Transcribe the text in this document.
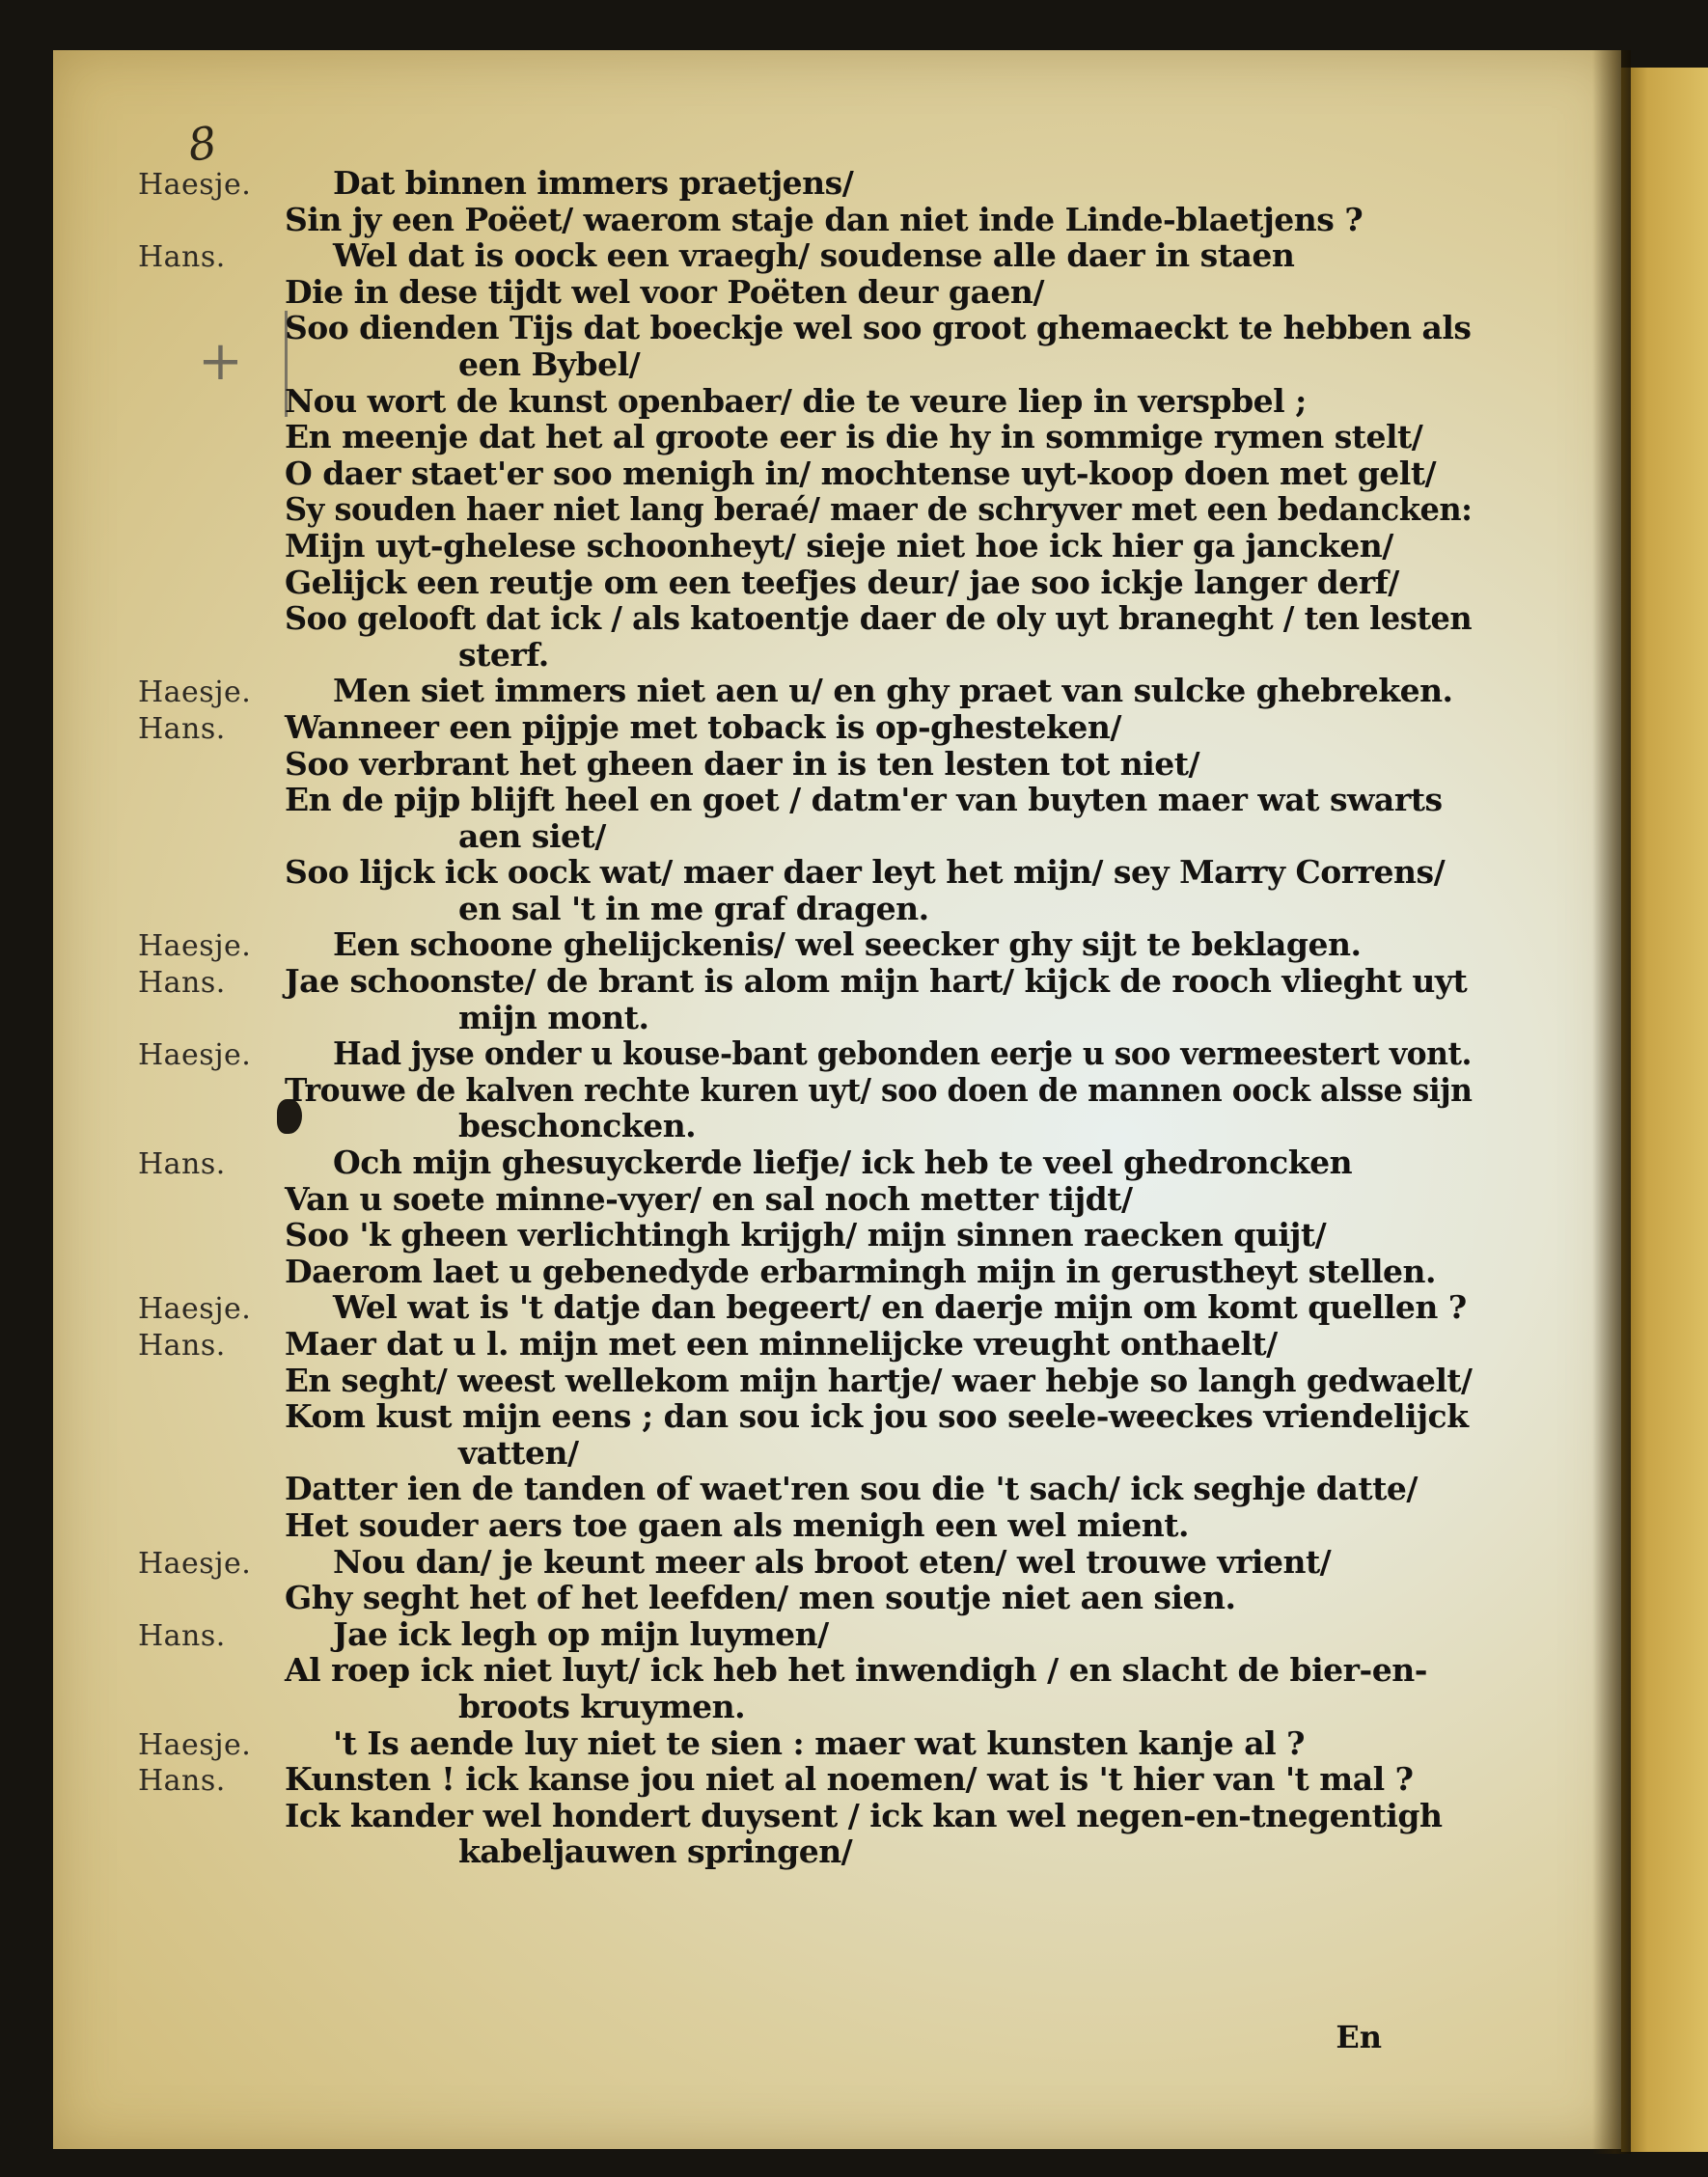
8
+
Haesje.	Dat binnen immers praetjens/
Sin jy een Poëet/ waerom staje dan niet inde Linde-blaetjens ?
Hans.	Wel dat is oock een vraegh/ soudense alle daer in staen
Die in dese tijdt wel voor Poëten deur gaen/
Soo dienden Tijs dat boeckje wel soo groot ghemaeckt te hebben als
een Bybel/
Nou wort de kunst openbaer/ die te veure liep in verspbel ;
En meenje dat het al groote eer is die hy in sommige rymen stelt/
O daer staet'er soo menigh in/ mochtense uyt-koop doen met gelt/
Sy souden haer niet lang beraé/ maer de schryver met een bedancken:
Mijn uyt-ghelese schoonheyt/ sieje niet hoe ick hier ga jancken/
Gelijck een reutje om een teefjes deur/ jae soo ickje langer derf/
Soo gelooft dat ick / als katoentje daer de oly uyt braneght / ten lesten
sterf.
Haesje.	Men siet immers niet aen u/ en ghy praet van sulcke ghebreken.
Hans. Wanneer een pijpje met toback is op-ghesteken/
Soo verbrant het gheen daer in is ten lesten tot niet/
En de pijp blijft heel en goet / datm'er van buyten maer wat swarts
aen siet/
Soo lijck ick oock wat/ maer daer leyt het mijn/ sey Marry Correns/
en sal 't in me graf dragen.
Haesje.	Een schoone ghelijckenis/ wel seecker ghy sijt te beklagen.
Hans. Jae schoonste/ de brant is alom mijn hart/ kijck de rooch vlieght uyt
mijn mont.
Haesje.	Had jyse onder u kouse-bant gebonden eerje u soo vermeestert vont.
Trouwe de kalven rechte kuren uyt/ soo doen de mannen oock alsse sijn
beschoncken.
Hans.	Och mijn ghesuyckerde liefje/ ick heb te veel ghedroncken
Van u soete minne-vyer/ en sal noch metter tijdt/
Soo 'k gheen verlichtingh krijgh/ mijn sinnen raecken quijt/
Daerom laet u gebenedyde erbarmingh mijn in gerustheyt stellen.
Haesje.	Wel wat is 't datje dan begeert/ en daerje mijn om komt quellen ?
Hans. Maer dat u l. mijn met een minnelijcke vreught onthaelt/
En seght/ weest wellekom mijn hartje/ waer hebje so langh gedwaelt/
Kom kust mijn eens ; dan sou ick jou soo seele-weeckes vriendelijck
vatten/
Datter ien de tanden of waet'ren sou die 't sach/ ick seghje datte/
Het souder aers toe gaen als menigh een wel mient.
Haesje.	Nou dan/ je keunt meer als broot eten/ wel trouwe vrient/
Ghy seght het of het leefden/ men soutje niet aen sien.
Hans.	Jae ick legh op mijn luymen/
Al roep ick niet luyt/ ick heb het inwendigh / en slacht de bier-en-
broots kruymen.
Haesje.	't Is aende luy niet te sien : maer wat kunsten kanje al ?
Hans. Kunsten ! ick kanse jou niet al noemen/ wat is 't hier van 't mal ?
Ick kander wel hondert duysent / ick kan wel negen-en-tnegentigh
kabeljauwen springen/
En
